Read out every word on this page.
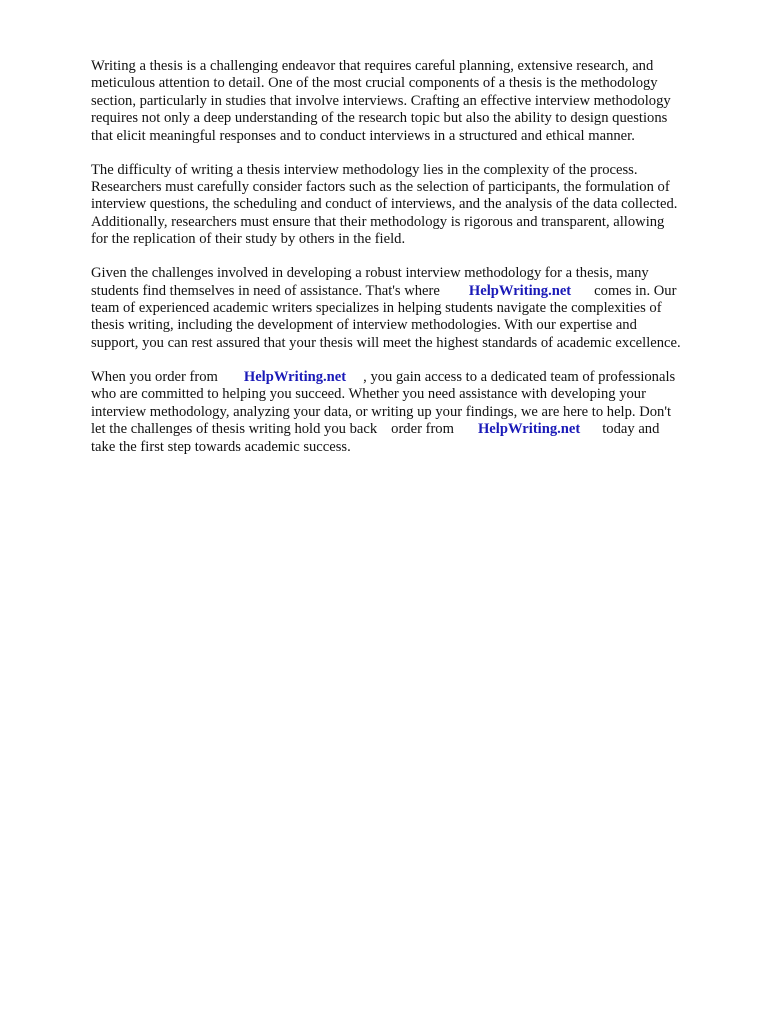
Writing a thesis is a challenging endeavor that requires careful planning, extensive research, and
meticulous attention to detail. One of the most crucial components of a thesis is the methodology
section, particularly in studies that involve interviews. Crafting an effective interview methodology
requires not only a deep understanding of the research topic but also the ability to design questions
that elicit meaningful responses and to conduct interviews in a structured and ethical manner.

The difficulty of writing a thesis interview methodology lies in the complexity of the process.
Researchers must carefully consider factors such as the selection of participants, the formulation of
interview questions, the scheduling and conduct of interviews, and the analysis of the data collected.
Additionally, researchers must ensure that their methodology is rigorous and transparent, allowing
for the replication of their study by others in the field.

Given the challenges involved in developing a robust interview methodology for a thesis, many
students find themselves in need of assistance. That's where HelpWriting.net comes in. Our
team of experienced academic writers specializes in helping students navigate the complexities of
thesis writing, including the development of interview methodologies. With our expertise and
support, you can rest assured that your thesis will meet the highest standards of academic excellence.

When you order from HelpWriting.net , you gain access to a dedicated team of professionals
who are committed to helping you succeed. Whether you need assistance with developing your
interview methodology, analyzing your data, or writing up your findings, we are here to help. Don't
let the challenges of thesis writing hold you back order from HelpWriting.net today and
take the first step towards academic success.
